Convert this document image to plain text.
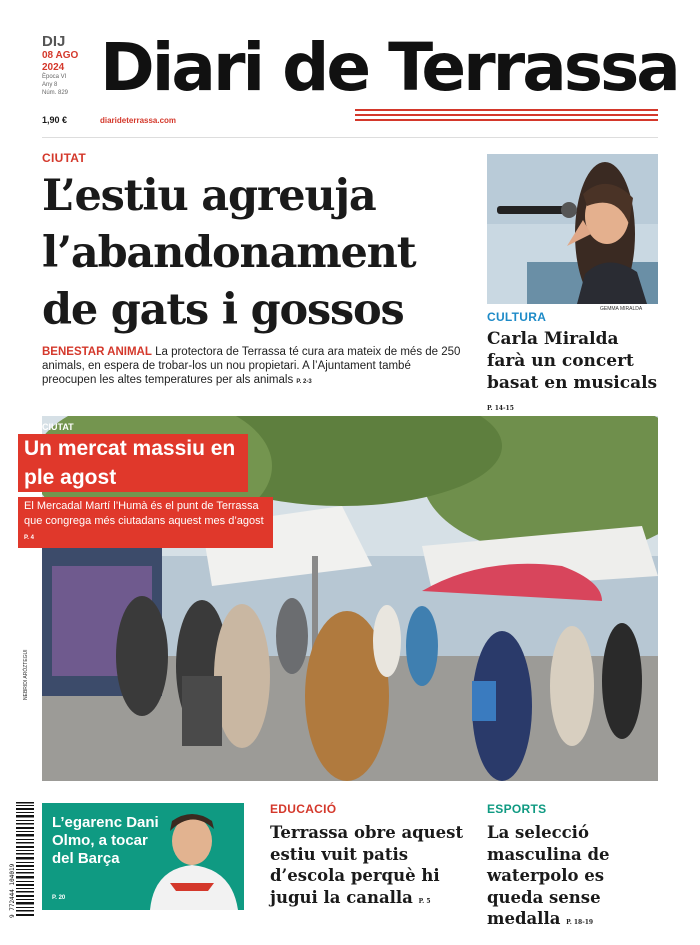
DIJ
08 AGO
2024
Època VI
Any 8
Núm. 829
1,90 €
Diari de Terrassa
diarideterrassa.com
CIUTAT
L’estiu agreuja l’abandonament de gats i gossos

BENESTAR ANIMAL La protectora de Terrassa té cura ara mateix de més de 250 animals, en espera de trobar-los un nou propietari. A l’Ajuntament també preocupen les altes temperatures per als animals P. 2-3

GEMMA MIRALDA
CULTURA
Carla Miralda farà un concert basat en musicals P. 14-15
NEBRIDI ARÓZTEGUI
CIUTAT
Un mercat massiu en ple agost
El Mercadal Martí l’Humà és el punt de Terrassa que congrega més ciutadans aquest mes d’agost P. 4
9 772444 104019
L’egarenc Dani Olmo, a tocar del Barça
P. 20
EDUCACIÓ
Terrassa obre aquest estiu vuit patis d’escola perquè hi jugui la canalla P. 5
ESPORTS
La selecció masculina de waterpolo es queda sense medalla P. 18-19
